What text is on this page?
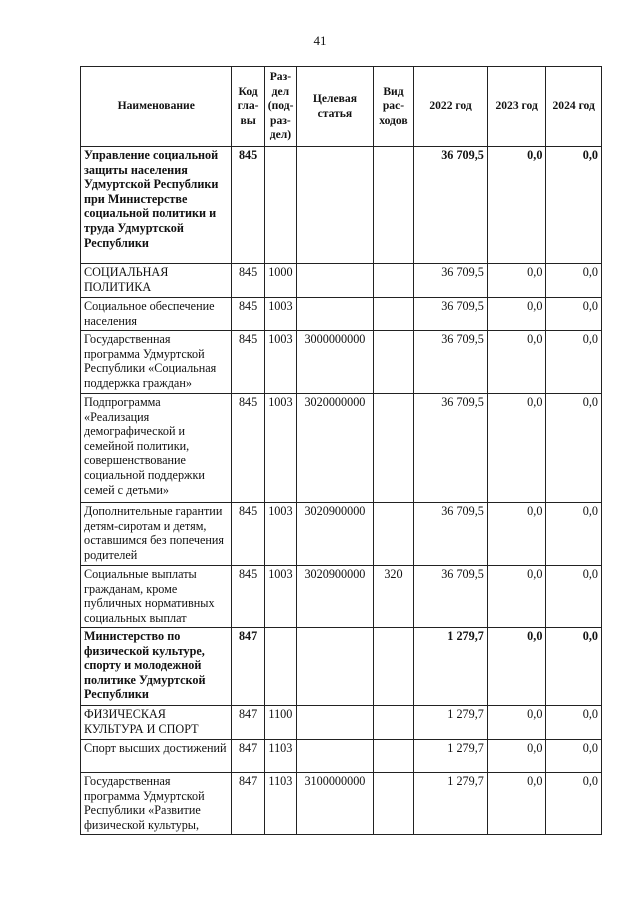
41
Наименование	Код гла-вы	Раз-дел (под-раз-дел)	Целевая статья	Вид рас-ходов	2022 год	2023 год	2024 год
Управление социальной защиты населения Удмуртской Республики при Министерстве социальной политики и труда Удмуртской Республики	845				36 709,5	0,0	0,0
СОЦИАЛЬНАЯ ПОЛИТИКА	845	1000			36 709,5	0,0	0,0
Социальное обеспечение населения	845	1003			36 709,5	0,0	0,0
Государственная программа Удмуртской Республики «Социальная поддержка граждан»	845	1003	3000000000		36 709,5	0,0	0,0
Подпрограмма «Реализация демографической и семейной политики, совершенствование социальной поддержки семей с детьми»	845	1003	3020000000		36 709,5	0,0	0,0
Дополнительные гарантии детям-сиротам и детям, оставшимся без попечения родителей	845	1003	3020900000		36 709,5	0,0	0,0
Социальные выплаты гражданам, кроме публичных нормативных социальных выплат	845	1003	3020900000	320	36 709,5	0,0	0,0
Министерство по физической культуре, спорту и молодежной политике Удмуртской Республики	847				1 279,7	0,0	0,0
ФИЗИЧЕСКАЯ КУЛЬТУРА И СПОРТ	847	1100			1 279,7	0,0	0,0
Спорт высших достижений	847	1103			1 279,7	0,0	0,0
Государственная программа Удмуртской Республики «Развитие физической культуры,	847	1103	3100000000		1 279,7	0,0	0,0
